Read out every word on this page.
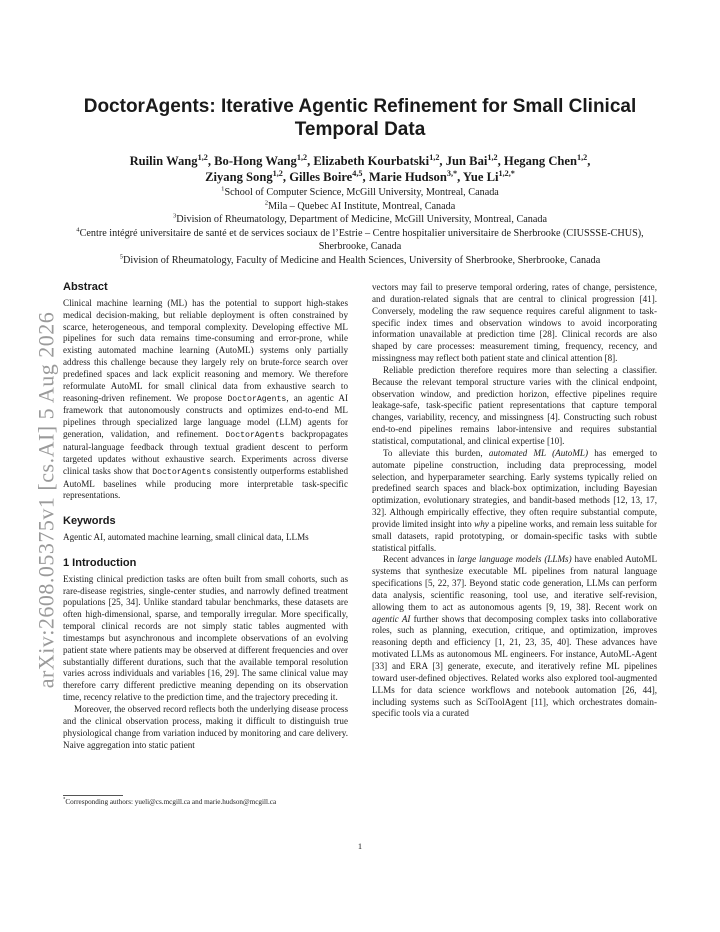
arXiv:2608.05375v1 [cs.AI] 5 Aug 2026
DoctorAgents: Iterative Agentic Refinement for Small Clinical Temporal Data
Ruilin Wang$^{1,2}$, Bo-Hong Wang$^{1,2}$, Elizabeth Kourbatski$^{1,2}$, Jun Bai$^{1,2}$, Hegang Chen$^{1,2}$,
Ziyang Song$^{1,2}$, Gilles Boire$^{4,5}$, Marie Hudson$^{3,*}$, Yue $Li^{1,2,*}$
$^1$School of Computer Science, McGill University, Montreal, Canada
$^2$Mila – Quebec AI Institute, Montreal, Canada
$^3$Division of Rheumatology, Department of Medicine, McGill University, Montreal, Canada
$^4$Centre intégré universitaire de santé et de services sociaux de l’Estrie – Centre hospitalier universitaire de Sherbrooke (CIUSSSE-CHUS), Sherbrooke, Canada
$^5$Division of Rheumatology, Faculty of Medicine and Health Sciences, University of Sherbrooke, Sherbrooke, Canada
Abstract

Clinical machine learning (ML) has the potential to support high-stakes medical decision-making, but reliable deployment is often constrained by scarce, heterogeneous, and temporal complexity. Developing effective ML pipelines for such data remains time-consuming and error-prone, while existing automated machine learning (AutoML) systems only partially address this challenge because they largely rely on brute-force search over predefined spaces and lack explicit reasoning and memory. We therefore reformulate AutoML for small clinical data from exhaustive search to reasoning-driven refinement. We propose DoctorAgents, an agentic AI framework that autonomously constructs and optimizes end-to-end ML pipelines through specialized large language model (LLM) agents for generation, validation, and refinement. DoctorAgents backpropagates natural-language feedback through textual gradient descent to perform targeted updates without exhaustive search. Experiments across diverse clinical tasks show that DoctorAgents consistently outperforms established AutoML baselines while producing more interpretable task-specific representations.

Keywords

Agentic AI, automated machine learning, small clinical data, LLMs

1 Introduction

Existing clinical prediction tasks are often built from small cohorts, such as rare-disease registries, single-center studies, and narrowly defined treatment populations [25, 34]. Unlike standard tabular benchmarks, these datasets are often high-dimensional, sparse, and temporally irregular. More specifically, temporal clinical records are not simply static tables augmented with timestamps but asynchronous and incomplete observations of an evolving patient state where patients may be observed at different frequencies and over substantially different durations, such that the available temporal resolution varies across individuals and variables [16, 29]. The same clinical value may therefore carry different predictive meaning depending on its observation time, recency relative to the prediction time, and the trajectory preceding it.

Moreover, the observed record reflects both the underlying disease process and the clinical observation process, making it difficult to distinguish true physiological change from variation induced by monitoring and care delivery. Naive aggregation into static patient

vectors may fail to preserve temporal ordering, rates of change, persistence, and duration-related signals that are central to clinical progression [41]. Conversely, modeling the raw sequence requires careful alignment to task-specific index times and observation windows to avoid incorporating information unavailable at prediction time [28]. Clinical records are also shaped by care processes: measurement timing, frequency, recency, and missingness may reflect both patient state and clinical attention [8].

Reliable prediction therefore requires more than selecting a classifier. Because the relevant temporal structure varies with the clinical endpoint, observation window, and prediction horizon, effective pipelines require leakage-safe, task-specific patient representations that capture temporal changes, variability, recency, and missingness [4]. Constructing such robust end-to-end pipelines remains labor-intensive and requires substantial statistical, computational, and clinical expertise [10].

To alleviate this burden, automated ML (AutoML) has emerged to automate pipeline construction, including data preprocessing, model selection, and hyperparameter searching. Early systems typically relied on predefined search spaces and black-box optimization, including Bayesian optimization, evolutionary strategies, and bandit-based methods [12, 13, 17, 32]. Although empirically effective, they often require substantial compute, provide limited insight into why a pipeline works, and remain less suitable for small datasets, rapid prototyping, or domain-specific tasks with subtle statistical pitfalls.

Recent advances in large language models (LLMs) have enabled AutoML systems that synthesize executable ML pipelines from natural language specifications [5, 22, 37]. Beyond static code generation, LLMs can perform data analysis, scientific reasoning, tool use, and iterative self-revision, allowing them to act as autonomous agents [9, 19, 38]. Recent work on agentic AI further shows that decomposing complex tasks into collaborative roles, such as planning, execution, critique, and optimization, improves reasoning depth and efficiency [1, 21, 23, 35, 40]. These advances have motivated LLMs as autonomous ML engineers. For instance, AutoML-Agent [33] and ERA [3] generate, execute, and iteratively refine ML pipelines toward user-defined objectives. Related works also explored tool-augmented LLMs for data science workflows and notebook automation [26, 44], including systems such as SciToolAgent [11], which orchestrates domain-specific tools via a curated

*Corresponding authors: yueli@cs.mcgill.ca and marie.hudson@mcgill.ca
1
